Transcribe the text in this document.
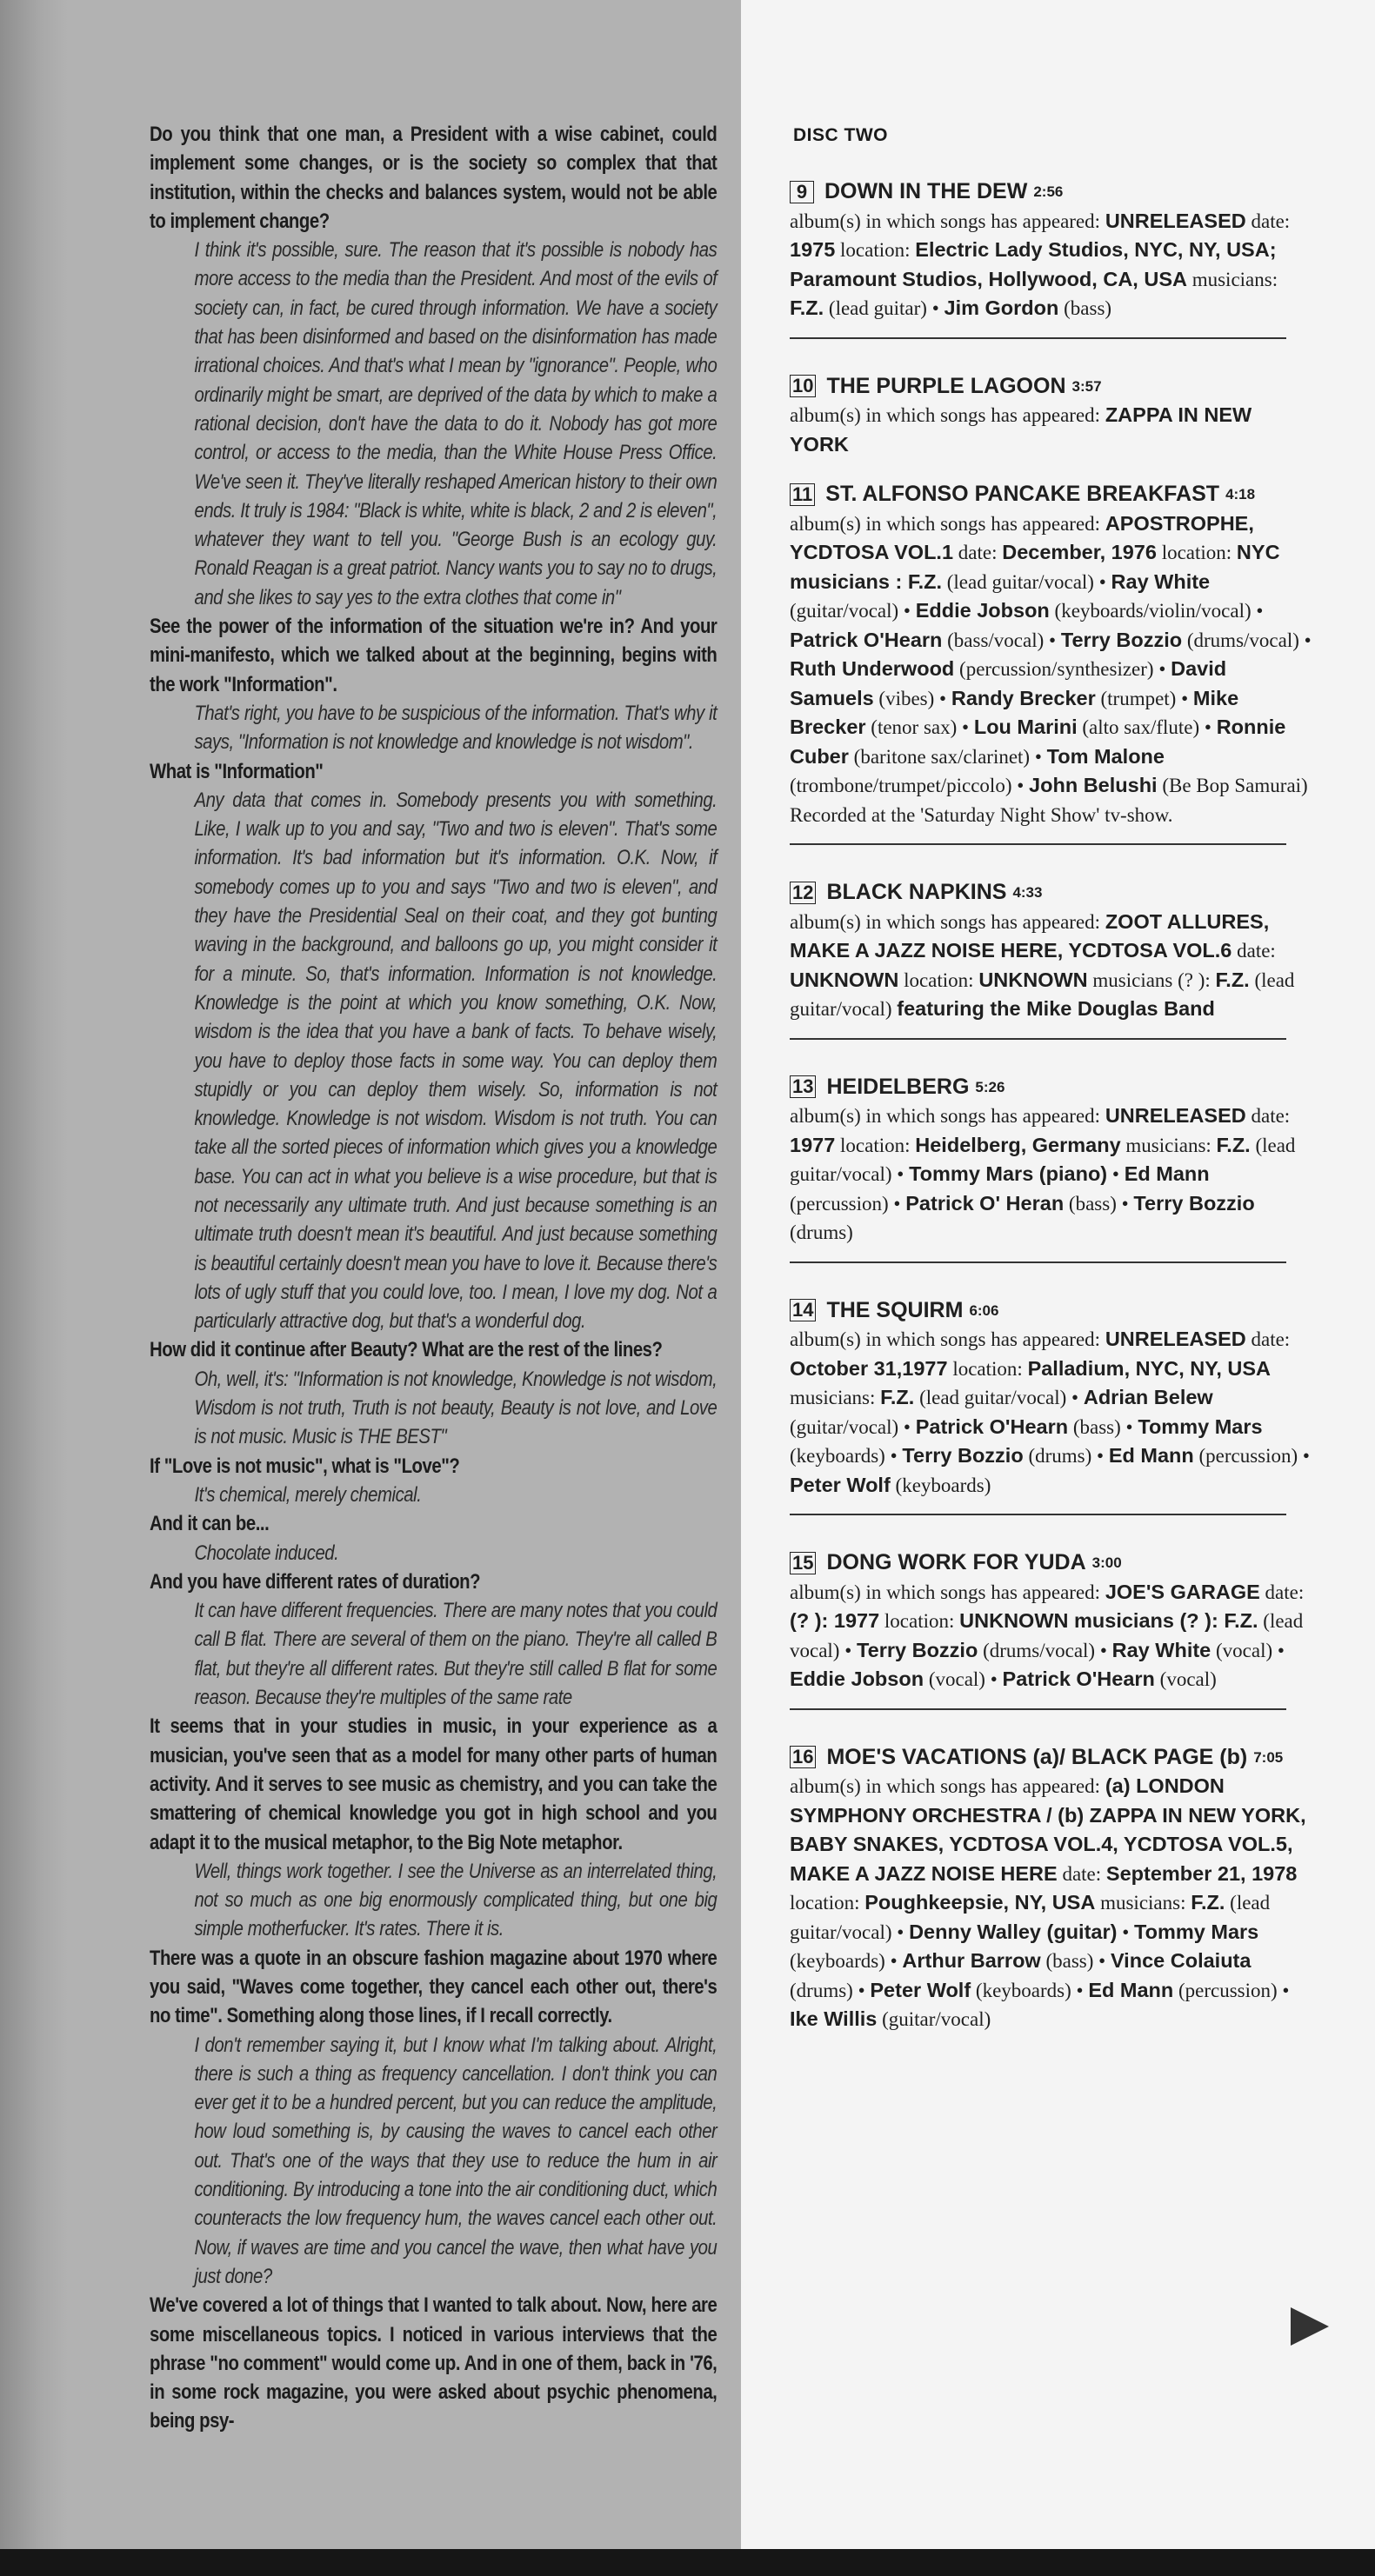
Do you think that one man, a President with a wise cabinet, could implement some changes, or is the society so complex that that institution, within the checks and balances system, would not be able to implement change?

I think it's possible, sure. The reason that it's possible is nobody has more access to the media than the President. And most of the evils of society can, in fact, be cured through information. We have a society that has been disinformed and based on the disinformation has made irrational choices. And that's what I mean by "ignorance". People, who ordinarily might be smart, are deprived of the data by which to make a rational decision, don't have the data to do it. Nobody has got more control, or access to the media, than the White House Press Office. We've seen it. They've literally reshaped American history to their own ends. It truly is 1984: "Black is white, white is black, 2 and 2 is eleven", whatever they want to tell you. "George Bush is an ecology guy. Ronald Reagan is a great patriot. Nancy wants you to say no to drugs, and she likes to say yes to the extra clothes that come in"

See the power of the information of the situation we're in? And your mini-manifesto, which we talked about at the beginning, begins with the work "Information".

That's right, you have to be suspicious of the information. That's why it says, "Information is not knowledge and knowledge is not wisdom".

What is "Information"

Any data that comes in. Somebody presents you with something. Like, I walk up to you and say, "Two and two is eleven". That's some information. It's bad information but it's information. O.K. Now, if somebody comes up to you and says "Two and two is eleven", and they have the Presidential Seal on their coat, and they got bunting waving in the background, and balloons go up, you might consider it for a minute. So, that's information. Information is not knowledge. Knowledge is the point at which you know something, O.K. Now, wisdom is the idea that you have a bank of facts. To behave wisely, you have to deploy those facts in some way. You can deploy them stupidly or you can deploy them wisely. So, information is not knowledge. Knowledge is not wisdom. Wisdom is not truth. You can take all the sorted pieces of information which gives you a knowledge base. You can act in what you believe is a wise procedure, but that is not necessarily any ultimate truth. And just because something is an ultimate truth doesn't mean it's beautiful. And just because something is beautiful certainly doesn't mean you have to love it. Because there's lots of ugly stuff that you could love, too. I mean, I love my dog. Not a particularly attractive dog, but that's a wonderful dog.

How did it continue after Beauty? What are the rest of the lines?

Oh, well, it's: "Information is not knowledge, Knowledge is not wisdom, Wisdom is not truth, Truth is not beauty, Beauty is not love, and Love is not music. Music is THE BEST"

If "Love is not music", what is "Love"?

It's chemical, merely chemical.

And it can be...

Chocolate induced.

And you have different rates of duration?

It can have different frequencies. There are many notes that you could call B flat. There are several of them on the piano. They're all called B flat, but they're all different rates. But they're still called B flat for some reason. Because they're multiples of the same rate

It seems that in your studies in music, in your experience as a musician, you've seen that as a model for many other parts of human activity. And it serves to see music as chemistry, and you can take the smattering of chemical knowledge you got in high school and you adapt it to the musical metaphor, to the Big Note metaphor.

Well, things work together. I see the Universe as an interrelated thing, not so much as one big enormously complicated thing, but one big simple motherfucker. It's rates. There it is.

There was a quote in an obscure fashion magazine about 1970 where you said, "Waves come together, they cancel each other out, there's no time". Something along those lines, if I recall correctly.

I don't remember saying it, but I know what I'm talking about. Alright, there is such a thing as frequency cancellation. I don't think you can ever get it to be a hundred percent, but you can reduce the amplitude, how loud something is, by causing the waves to cancel each other out. That's one of the ways that they use to reduce the hum in air conditioning. By introducing a tone into the air conditioning duct, which counteracts the low frequency hum, the waves cancel each other out. Now, if waves are time and you cancel the wave, then what have you just done?

We've covered a lot of things that I wanted to talk about. Now, here are some miscellaneous topics. I noticed in various interviews that the phrase "no comment" would come up. And in one of them, back in '76, in some rock magazine, you were asked about psychic phenomena, being psy-

DISC TWO
9 DOWN IN THE DEW 2:56
album(s) in which songs has appeared: UNRELEASED date: 1975 location: Electric Lady Studios, NYC, NY, USA; Paramount Studios, Hollywood, CA, USA musicians: F.Z. (lead guitar) • Jim Gordon (bass)
10 THE PURPLE LAGOON 3:57
album(s) in which songs has appeared: ZAPPA IN NEW YORK
11 ST. ALFONSO PANCAKE BREAKFAST 4:18
album(s) in which songs has appeared: APOSTROPHE, YCDTOSA VOL.1 date: December, 1976 location: NYC
musicians : F.Z. (lead guitar/vocal) • Ray White (guitar/vocal) • Eddie Jobson (keyboards/violin/vocal) • Patrick O'Hearn (bass/vocal) • Terry Bozzio (drums/vocal) • Ruth Underwood (percussion/synthesizer) • David Samuels (vibes) • Randy Brecker (trumpet) • Mike Brecker (tenor sax) • Lou Marini (alto sax/flute) • Ronnie Cuber (baritone sax/clarinet) • Tom Malone (trombone/trumpet/piccolo) • John Belushi (Be Bop Samurai)
Recorded at the 'Saturday Night Show' tv-show.
12 BLACK NAPKINS 4:33
album(s) in which songs has appeared: ZOOT ALLURES, MAKE A JAZZ NOISE HERE, YCDTOSA VOL.6 date: UNKNOWN location: UNKNOWN musicians (? ): F.Z. (lead guitar/vocal) featuring the Mike Douglas Band
13 HEIDELBERG 5:26
album(s) in which songs has appeared: UNRELEASED date: 1977 location: Heidelberg, Germany musicians: F.Z. (lead guitar/vocal) • Tommy Mars (piano) • Ed Mann (percussion) • Patrick O' Heran (bass) • Terry Bozzio (drums)
14 THE SQUIRM 6:06
album(s) in which songs has appeared: UNRELEASED date: October 31,1977 location: Palladium, NYC, NY, USA musicians: F.Z. (lead guitar/vocal) • Adrian Belew (guitar/vocal) • Patrick O'Hearn (bass) • Tommy Mars (keyboards) • Terry Bozzio (drums) • Ed Mann (percussion) • Peter Wolf (keyboards)
15 DONG WORK FOR YUDA 3:00
album(s) in which songs has appeared: JOE'S GARAGE date:(? ): 1977 location: UNKNOWN musicians (? ): F.Z. (lead vocal) • Terry Bozzio (drums/vocal) • Ray White (vocal) • Eddie Jobson (vocal) • Patrick O'Hearn (vocal)
16 MOE'S VACATIONS (a)/ BLACK PAGE (b) 7:05
album(s) in which songs has appeared: (a) LONDON SYMPHONY ORCHESTRA / (b) ZAPPA IN NEW YORK, BABY SNAKES, YCDTOSA VOL.4, YCDTOSA VOL.5, MAKE A JAZZ NOISE HERE date: September 21, 1978 location: Poughkeepsie, NY, USA musicians: F.Z. (lead guitar/vocal) • Denny Walley (guitar) • Tommy Mars (keyboards) • Arthur Barrow (bass) • Vince Colaiuta (drums) • Peter Wolf (keyboards) • Ed Mann (percussion) • Ike Willis (guitar/vocal)
